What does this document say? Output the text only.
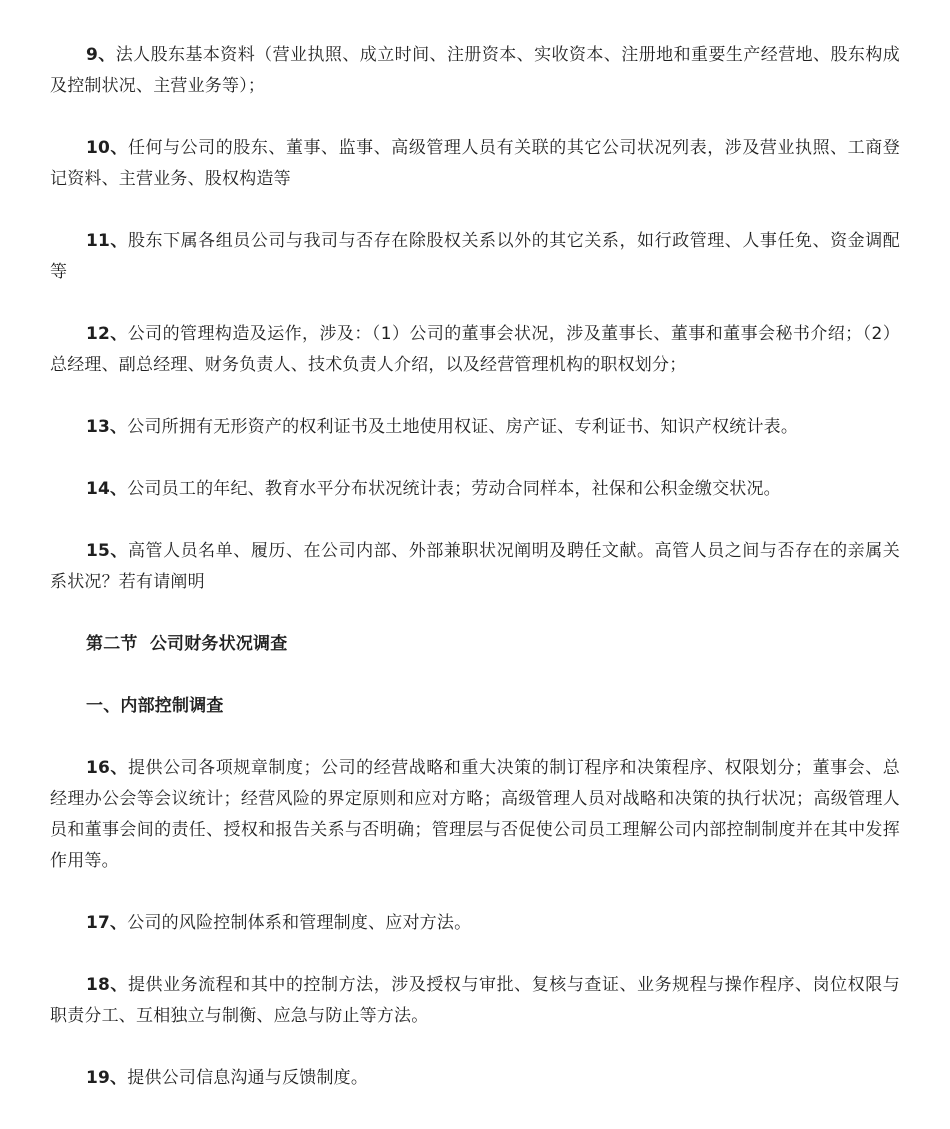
9、法人股东基本资料（营业执照、成立时间、注册资本、实收资本、注册地和重要生产经营地、股东构成及控制状况、主营业务等）；

10、任何与公司的股东、董事、监事、高级管理人员有关联的其它公司状况列表，涉及营业执照、工商登记资料、主营业务、股权构造等

11、股东下属各组员公司与我司与否存在除股权关系以外的其它关系，如行政管理、人事任免、资金调配等

12、公司的管理构造及运作，涉及：（1）公司的董事会状况，涉及董事长、董事和董事会秘书介绍；（2）总经理、副总经理、财务负责人、技术负责人介绍，以及经营管理机构的职权划分；

13、公司所拥有无形资产的权利证书及土地使用权证、房产证、专利证书、知识产权统计表。

14、公司员工的年纪、教育水平分布状况统计表；劳动合同样本，社保和公积金缴交状况。

15、高管人员名单、履历、在公司内部、外部兼职状况阐明及聘任文献。高管人员之间与否存在的亲属关系状况？若有请阐明

第二节  公司财务状况调查

一、内部控制调查

16、提供公司各项规章制度；公司的经营战略和重大决策的制订程序和决策程序、权限划分；董事会、总经理办公会等会议统计；经营风险的界定原则和应对方略；高级管理人员对战略和决策的执行状况；高级管理人员和董事会间的责任、授权和报告关系与否明确；管理层与否促使公司员工理解公司内部控制制度并在其中发挥作用等。

17、公司的风险控制体系和管理制度、应对方法。

18、提供业务流程和其中的控制方法，涉及授权与审批、复核与查证、业务规程与操作程序、岗位权限与职责分工、互相独立与制衡、应急与防止等方法。

19、提供公司信息沟通与反馈制度。
